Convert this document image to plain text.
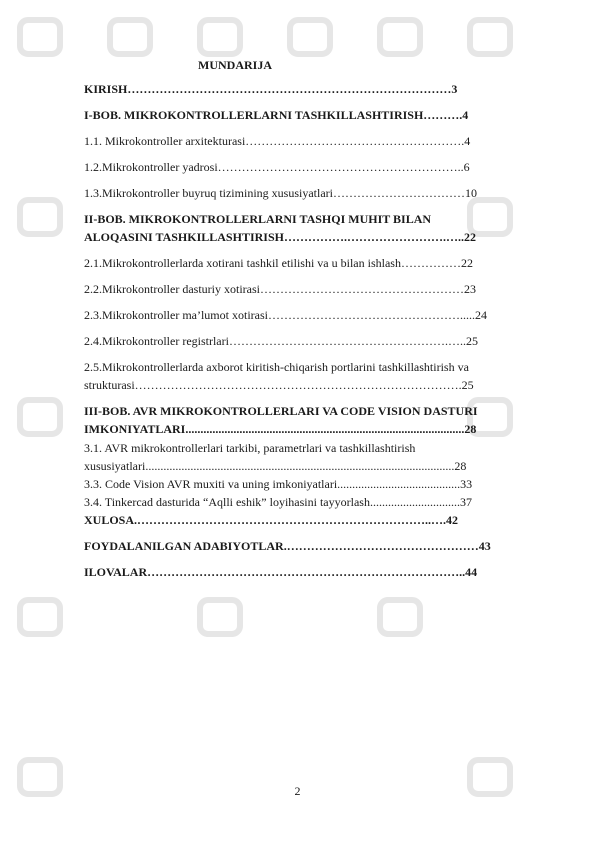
MUNDARIJA
KIRISH………………………………………………………………………3
I-BOB. MIKROKONTROLLERLARNI TASHKILLASHTIRISH……….4
1.1. Mikrokontroller arxitekturasi……………………………………………….4
1.2.Mikrokontroller yadrosi……………………………………………………..6
1.3.Mikrokontroller buyruq tizimining xususiyatlari……………………………10
II-BOB. MIKROKONTROLLERLARNI TASHQI MUHIT BILAN
ALOQASINI TASHKILLASHTIRISH…………….…………………….…..22
2.1.Mikrokontrollerlarda xotirani tashkil etilishi va u bilan ishlash……………22
2.2.Mikrokontroller dasturiy xotirasi……………………………………………23
2.3.Mikrokontroller ma’lumot xotirasi………………………………………….....24
2.4.Mikrokontroller registrlari……………………………………………….…..25
2.5.Mikrokontrollerlarda axborot kiritish-chiqarish portlarini tashkillashtirish va
strukturasi……………………………………………………………………….25
III-BOB. AVR MIKROKONTROLLERLARI VA CODE VISION DASTURI
IMKONIYATLARI.............................................................................................28
3.1. AVR mikrokontrollerlari tarkibi, parametrlari va tashkillashtirish
xususiyatlari.......................................................................................................28
3.3. Code Vision AVR muxiti va uning imkoniyatlari.........................................33
3.4. Tinkercad dasturida “Aqlli eshik” loyihasini tayyorlash..............................37
XULOSA.………………………………………………………………..….42
FOYDALANILGAN ADABIYOTLAR.…………………………………………43
ILOVALAR……………………………………………………………………..44
2
